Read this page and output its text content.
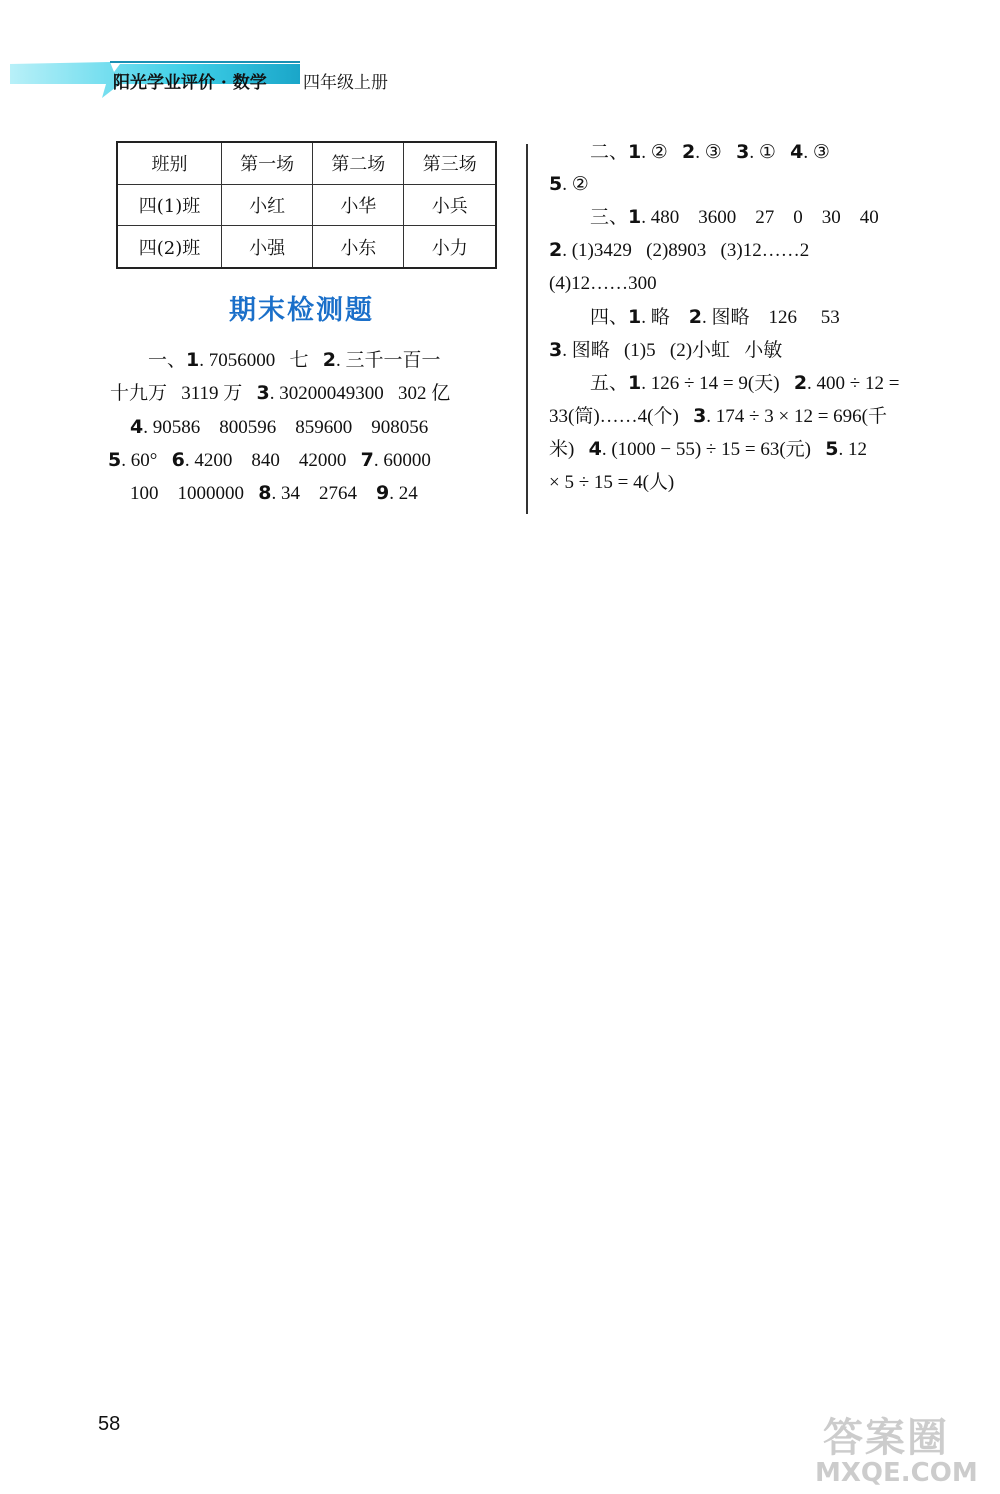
阳光学业评价 · 数学 四年级上册
班别	第一场	第二场	第三场
四(1)班	小红	小华	小兵
四(2)班	小强	小东	小力
期末检测题
一、1. 7056000   七   2. 三千一百一
十九万   3119 万   3. 30200049300   302 亿
4. 90586    800596    859600    908056
5. 60°   6. 4200    840    42000   7. 60000
100    1000000   8. 34    2764    9. 24
二、1. ②   2. ③   3. ①   4. ③
5. ②
三、1. 480    3600    27    0    30    40
2. (1)3429   (2)8903   (3)12……2
(4)12……300
四、1. 略    2. 图略    126     53
3. 图略   (1)5   (2)小虹   小敏
五、1. 126 ÷ 14 = 9(天)   2. 400 ÷ 12 =
33(筒)……4(个)   3. 174 ÷ 3 × 12 = 696(千
米)   4. (1000 − 55) ÷ 15 = 63(元)   5. 12
× 5 ÷ 15 = 4(人)
58	答案圈
MXQE.COM
